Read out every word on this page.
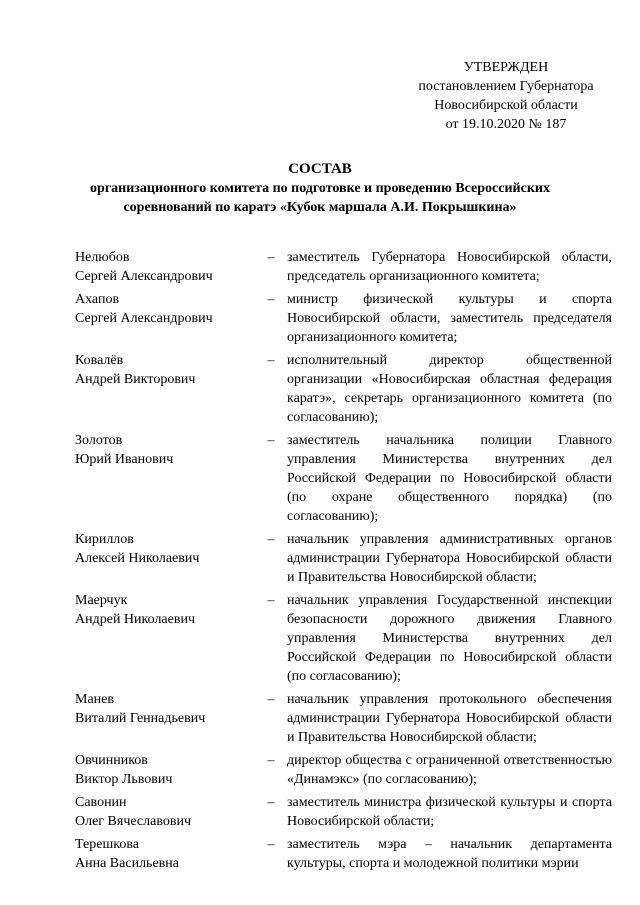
УТВЕРЖДЕН
постановлением Губернатора
Новосибирской области
от 19.10.2020 № 187
СОСТАВ
организационного комитета по подготовке и проведению Всероссийских
соревнований по каратэ «Кубок маршала А.И. Покрышкина»
Нелюбов
Сергей Александрович
– заместитель Губернатора Новосибирской области, председатель организационного комитета;
Ахапов
Сергей Александрович
– министр физической культуры и спорта Новосибирской области, заместитель председателя организационного комитета;
Ковалёв
Андрей Викторович
– исполнительный директор общественной организации «Новосибирская областная федерация каратэ», секретарь организационного комитета (по согласованию);
Золотов
Юрий Иванович
– заместитель начальника полиции Главного управления Министерства внутренних дел Российской Федерации по Новосибирской области (по охране общественного порядка) (по согласованию);
Кириллов
Алексей Николаевич
– начальник управления административных органов администрации Губернатора Новосибирской области и Правительства Новосибирской области;
Маерчук
Андрей Николаевич
– начальник управления Государственной инспекции безопасности дорожного движения Главного управления Министерства внутренних дел Российской Федерации по Новосибирской области (по согласованию);
Манев
Виталий Геннадьевич
– начальник управления протокольного обеспечения администрации Губернатора Новосибирской области и Правительства Новосибирской области;
Овчинников
Виктор Львович
– директор общества с ограниченной ответственностью «Динамэкс» (по согласованию);
Савонин
Олег Вячеславович
– заместитель министра физической культуры и спорта Новосибирской области;
Терешкова
Анна Васильевна
– заместитель мэра – начальник департамента культуры, спорта и молодежной политики мэрии
